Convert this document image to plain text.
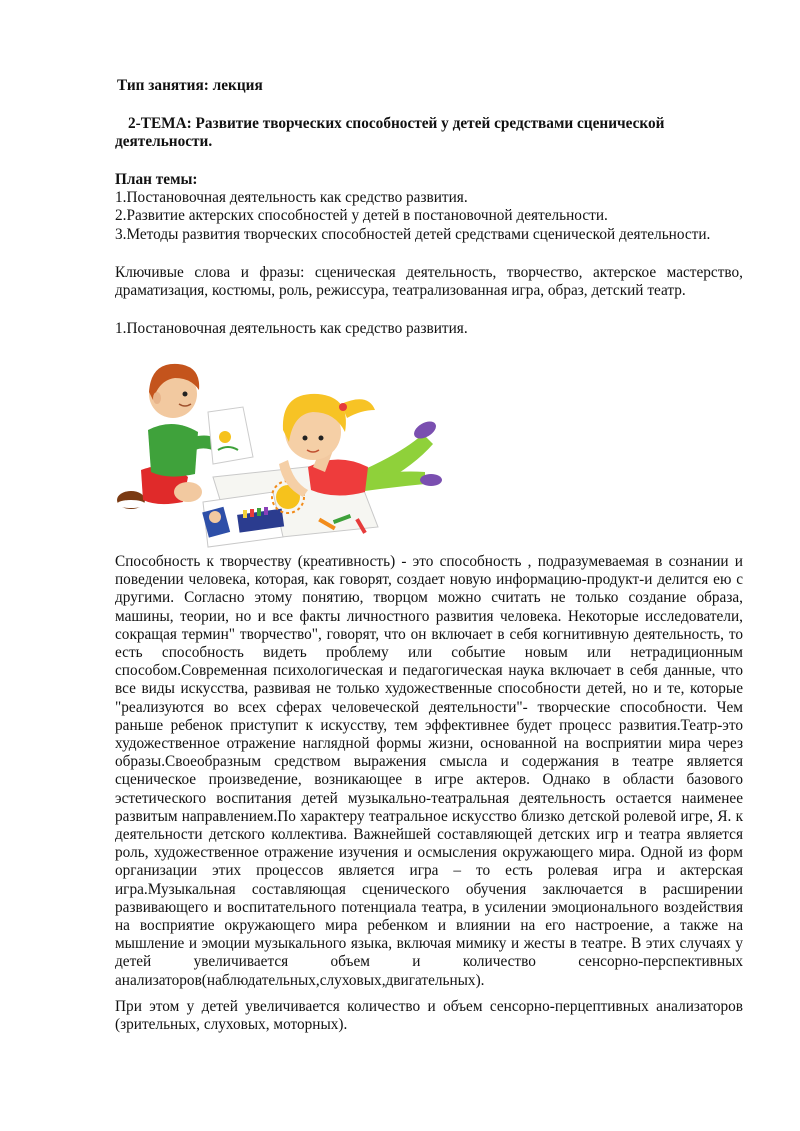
Тип занятия: лекция
2-ТЕМА: Развитие творческих способностей у детей средствами сценической
деятельности.
План темы:
1.Постановочная деятельность как средство развития.
2.Развитие актерских способностей у детей в постановочной деятельности.
3.Методы развития творческих способностей детей средствами сценической деятельности.
Ключивые слова и фразы: сценическая деятельность, творчество, актерское мастерство,
драматизация, костюмы, роль, режиссура, театрализованная игра, образ, детский театр.
1.Постановочная деятельность как средство развития.
Способность к творчеству (креативность) - это способность , подразумеваемая в сознании и поведении человека, которая, как говорят, создает новую информацию-продукт-и делится ею с другими. Согласно этому понятию, творцом можно считать не только создание образа, машины, теории, но и все факты личностного развития человека. Некоторые исследователи, сокращая термин" творчество", говорят, что он включает в себя когнитивную деятельность, то есть способность видеть проблему или событие новым или нетрадиционным способом.Современная психологическая и педагогическая наука включает в себя данные, что все виды искусства, развивая не только художественные способности детей, но и те, которые "реализуются во всех сферах человеческой деятельности"- творческие способности. Чем раньше ребенок приступит к искусству, тем эффективнее будет процесс развития.Театр-это художественное отражение наглядной формы жизни, основанной на восприятии мира через образы.Своеобразным средством выражения смысла и содержания в театре является сценическое произведение, возникающее в игре актеров. Однако в области базового эстетического воспитания детей музыкально-театральная деятельность остается наименее развитым направлением.По характеру театральное искусство близко детской ролевой игре, Я. к деятельности детского коллектива. Важнейшей составляющей детских игр и театра является роль, художественное отражение изучения и осмысления окружающего мира. Одной из форм организации этих процессов является игра – то есть ролевая игра и актерская игра.Музыкальная составляющая сценического обучения заключается в расширении развивающего и воспитательного потенциала театра, в усилении эмоционального воздействия на восприятие окружающего мира ребенком и влиянии на его настроение, а также на мышление и эмоции музыкального языка, включая мимику и жесты в театре. В этих случаях у детей увеличивается объем и количество сенсорно-перспективных анализаторов(наблюдательных,слуховых,двигательных).
При этом у детей увеличивается количество и объем сенсорно-перцептивных анализаторов (зрительных, слуховых, моторных).
